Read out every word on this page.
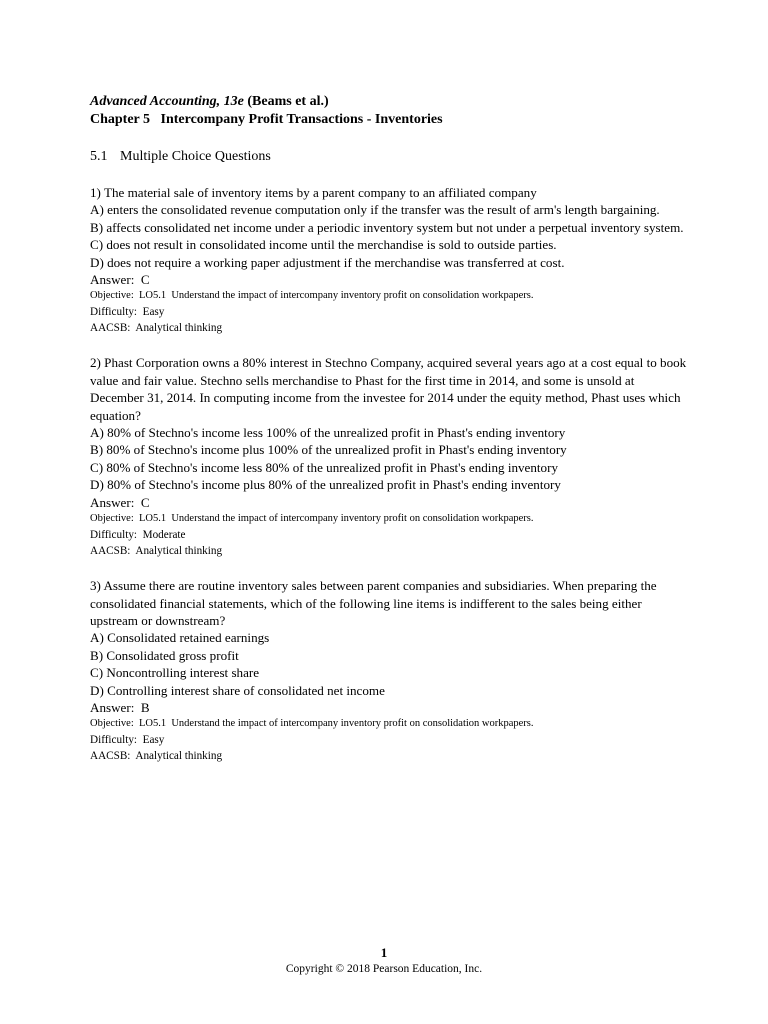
Advanced Accounting, 13e (Beams et al.)
Chapter 5   Intercompany Profit Transactions - Inventories
5.1 Multiple Choice Questions
1) The material sale of inventory items by a parent company to an affiliated company
A) enters the consolidated revenue computation only if the transfer was the result of arm's length bargaining.
B) affects consolidated net income under a periodic inventory system but not under a perpetual inventory system.
C) does not result in consolidated income until the merchandise is sold to outside parties.
D) does not require a working paper adjustment if the merchandise was transferred at cost.
Answer:  C
Objective:  LO5.1  Understand the impact of intercompany inventory profit on consolidation workpapers.
Difficulty:  Easy
AACSB:  Analytical thinking
2) Phast Corporation owns a 80% interest in Stechno Company, acquired several years ago at a cost equal to book value and fair value. Stechno sells merchandise to Phast for the first time in 2014, and some is unsold at December 31, 2014. In computing income from the investee for 2014 under the equity method, Phast uses which equation?
A) 80% of Stechno's income less 100% of the unrealized profit in Phast's ending inventory
B) 80% of Stechno's income plus 100% of the unrealized profit in Phast's ending inventory
C) 80% of Stechno's income less 80% of the unrealized profit in Phast's ending inventory
D) 80% of Stechno's income plus 80% of the unrealized profit in Phast's ending inventory
Answer:  C
Objective:  LO5.1  Understand the impact of intercompany inventory profit on consolidation workpapers.
Difficulty:  Moderate
AACSB:  Analytical thinking
3) Assume there are routine inventory sales between parent companies and subsidiaries. When preparing the consolidated financial statements, which of the following line items is indifferent to the sales being either upstream or downstream?
A) Consolidated retained earnings
B) Consolidated gross profit
C) Noncontrolling interest share
D) Controlling interest share of consolidated net income
Answer:  B
Objective:  LO5.1  Understand the impact of intercompany inventory profit on consolidation workpapers.
Difficulty:  Easy
AACSB:  Analytical thinking
1
Copyright © 2018 Pearson Education, Inc.
